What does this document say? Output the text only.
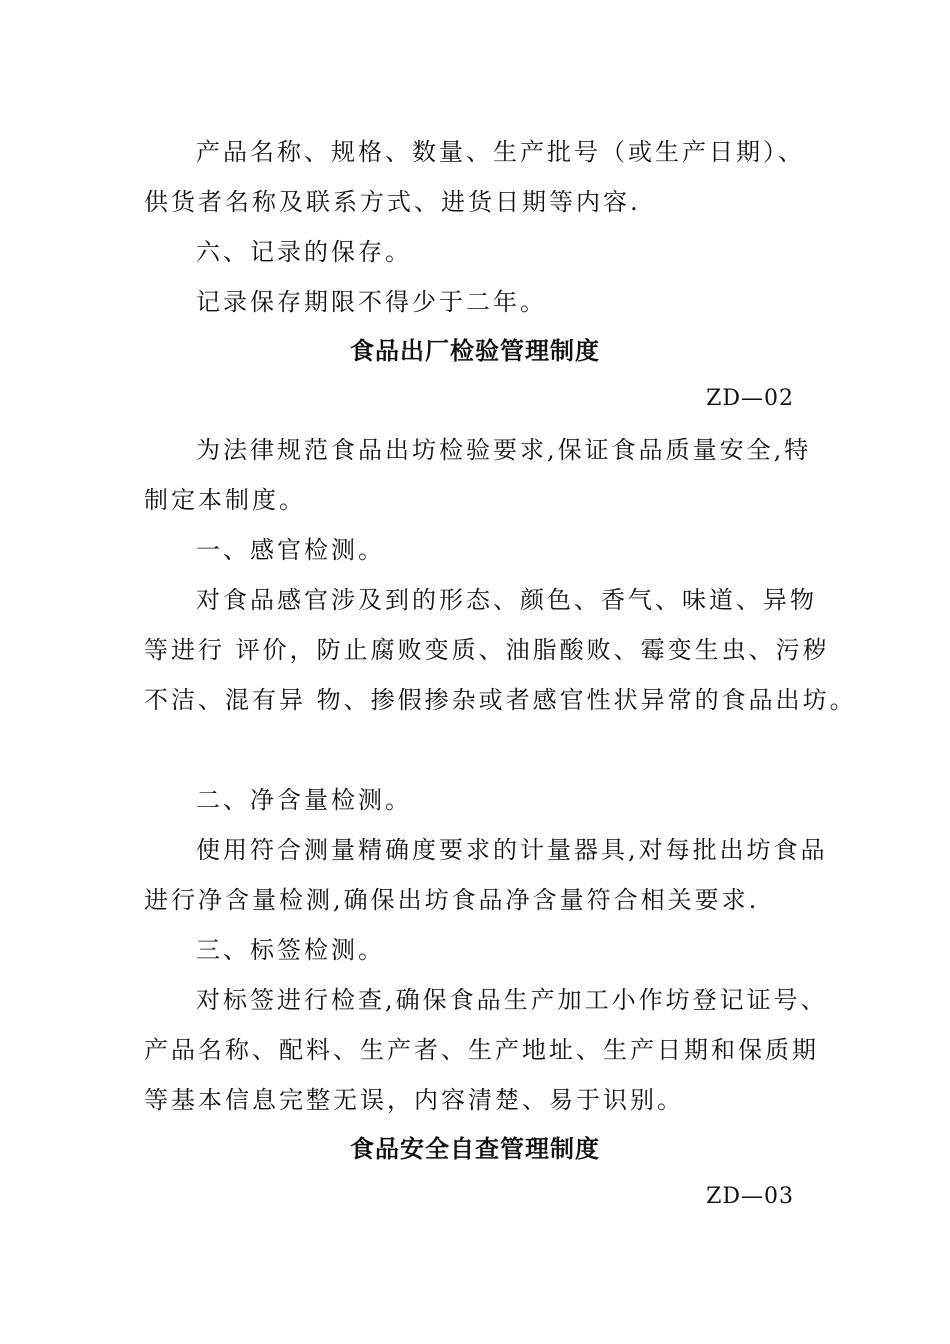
产品名称、规格、数量、生产批号（或生产日期）、
供货者名称及联系方式、进货日期等内容.
六、记录的保存。
记录保存期限不得少于二年。
食品出厂检验管理制度
ZD—02
为法律规范食品出坊检验要求,保证食品质量安全,特
制定本制度。
一、感官检测。
对食品感官涉及到的形态、颜色、香气、味道、异物
等进行 评价，防止腐败变质、油脂酸败、霉变生虫、污秽
不洁、混有异 物、掺假掺杂或者感官性状异常的食品出坊。
二、净含量检测。
使用符合测量精确度要求的计量器具,对每批出坊食品
进行净含量检测,确保出坊食品净含量符合相关要求.
三、标签检测。
对标签进行检查,确保食品生产加工小作坊登记证号、
产品名称、配料、生产者、生产地址、生产日期和保质期
等基本信息完整无误，内容清楚、易于识别。
食品安全自查管理制度
ZD—03
